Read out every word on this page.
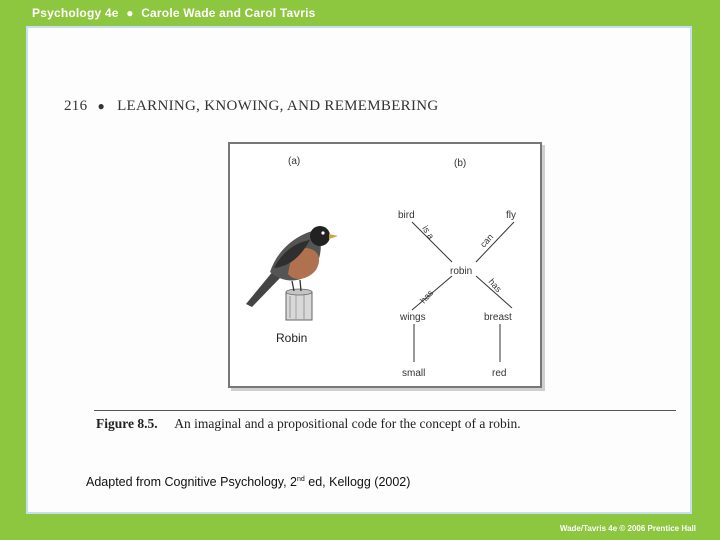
Psychology 4e ● Carole Wade and Carol Tavris
216 ● LEARNING, KNOWING, AND REMEMBERING
(a)	(b)
Robin
bird	fly
robin
wings	breast
small	red
is a	can
has
has
Figure 8.5. An imaginal and a propositional code for the concept of a robin.
Adapted from Cognitive Psychology, 2nd ed, Kellogg (2002)
Wade/Tavris 4e © 2006 Prentice Hall
